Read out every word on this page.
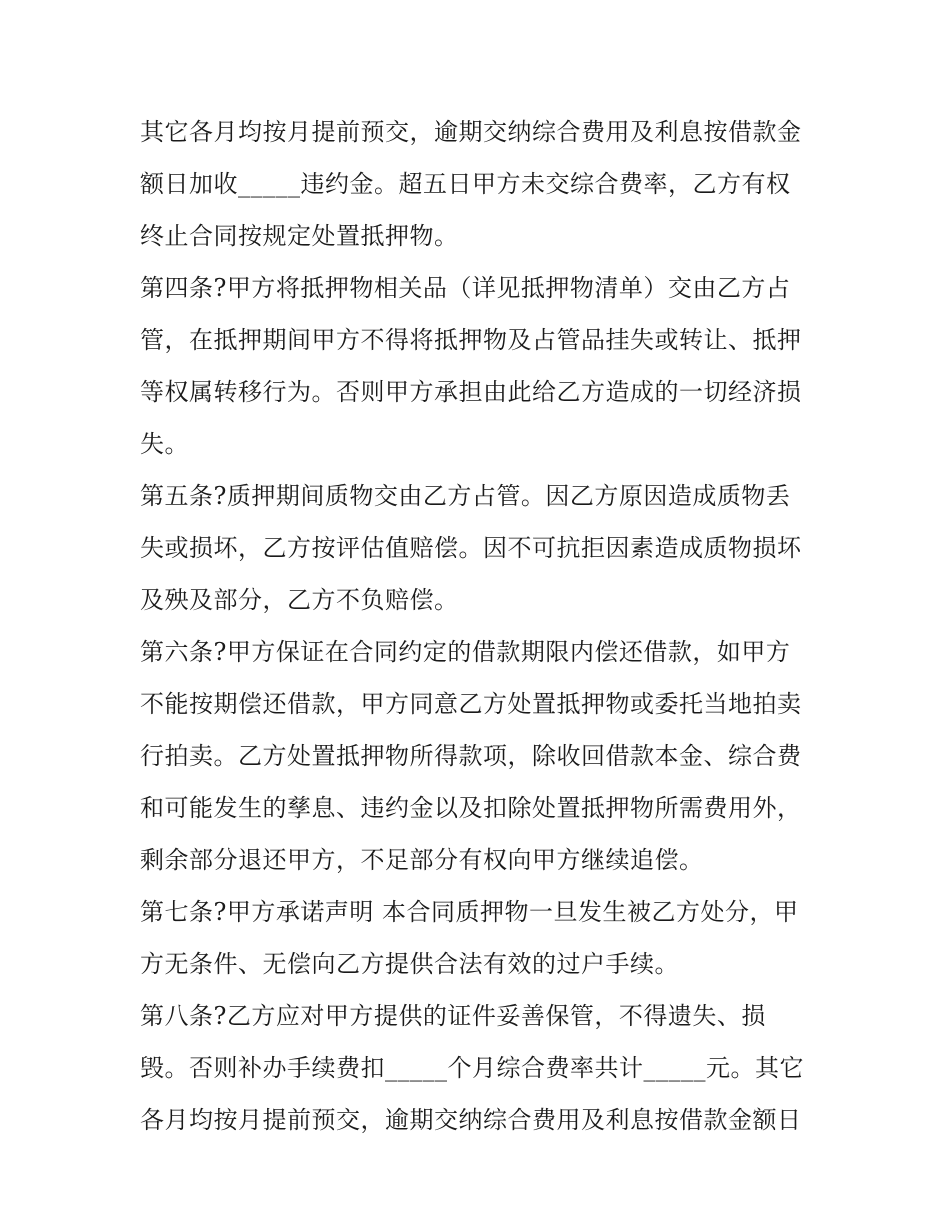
其它各月均按月提前预交，逾期交纳综合费用及利息按借款金
额日加收_____违约金。超五日甲方未交综合费率，乙方有权
终止合同按规定处置抵押物。
第四条?甲方将抵押物相关品（详见抵押物清单）交由乙方占
管，在抵押期间甲方不得将抵押物及占管品挂失或转让、抵押
等权属转移行为。否则甲方承担由此给乙方造成的一切经济损
失。
第五条?质押期间质物交由乙方占管。因乙方原因造成质物丢
失或损坏，乙方按评估值赔偿。因不可抗拒因素造成质物损坏
及殃及部分，乙方不负赔偿。
第六条?甲方保证在合同约定的借款期限内偿还借款，如甲方
不能按期偿还借款，甲方同意乙方处置抵押物或委托当地拍卖
行拍卖。乙方处置抵押物所得款项，除收回借款本金、综合费
和可能发生的孳息、违约金以及扣除处置抵押物所需费用外，
剩余部分退还甲方，不足部分有权向甲方继续追偿。
第七条?甲方承诺声明 本合同质押物一旦发生被乙方处分，甲
方无条件、无偿向乙方提供合法有效的过户手续。
第八条?乙方应对甲方提供的证件妥善保管，不得遗失、损
毁。否则补办手续费扣_____个月综合费率共计_____元。其它
各月均按月提前预交，逾期交纳综合费用及利息按借款金额日
